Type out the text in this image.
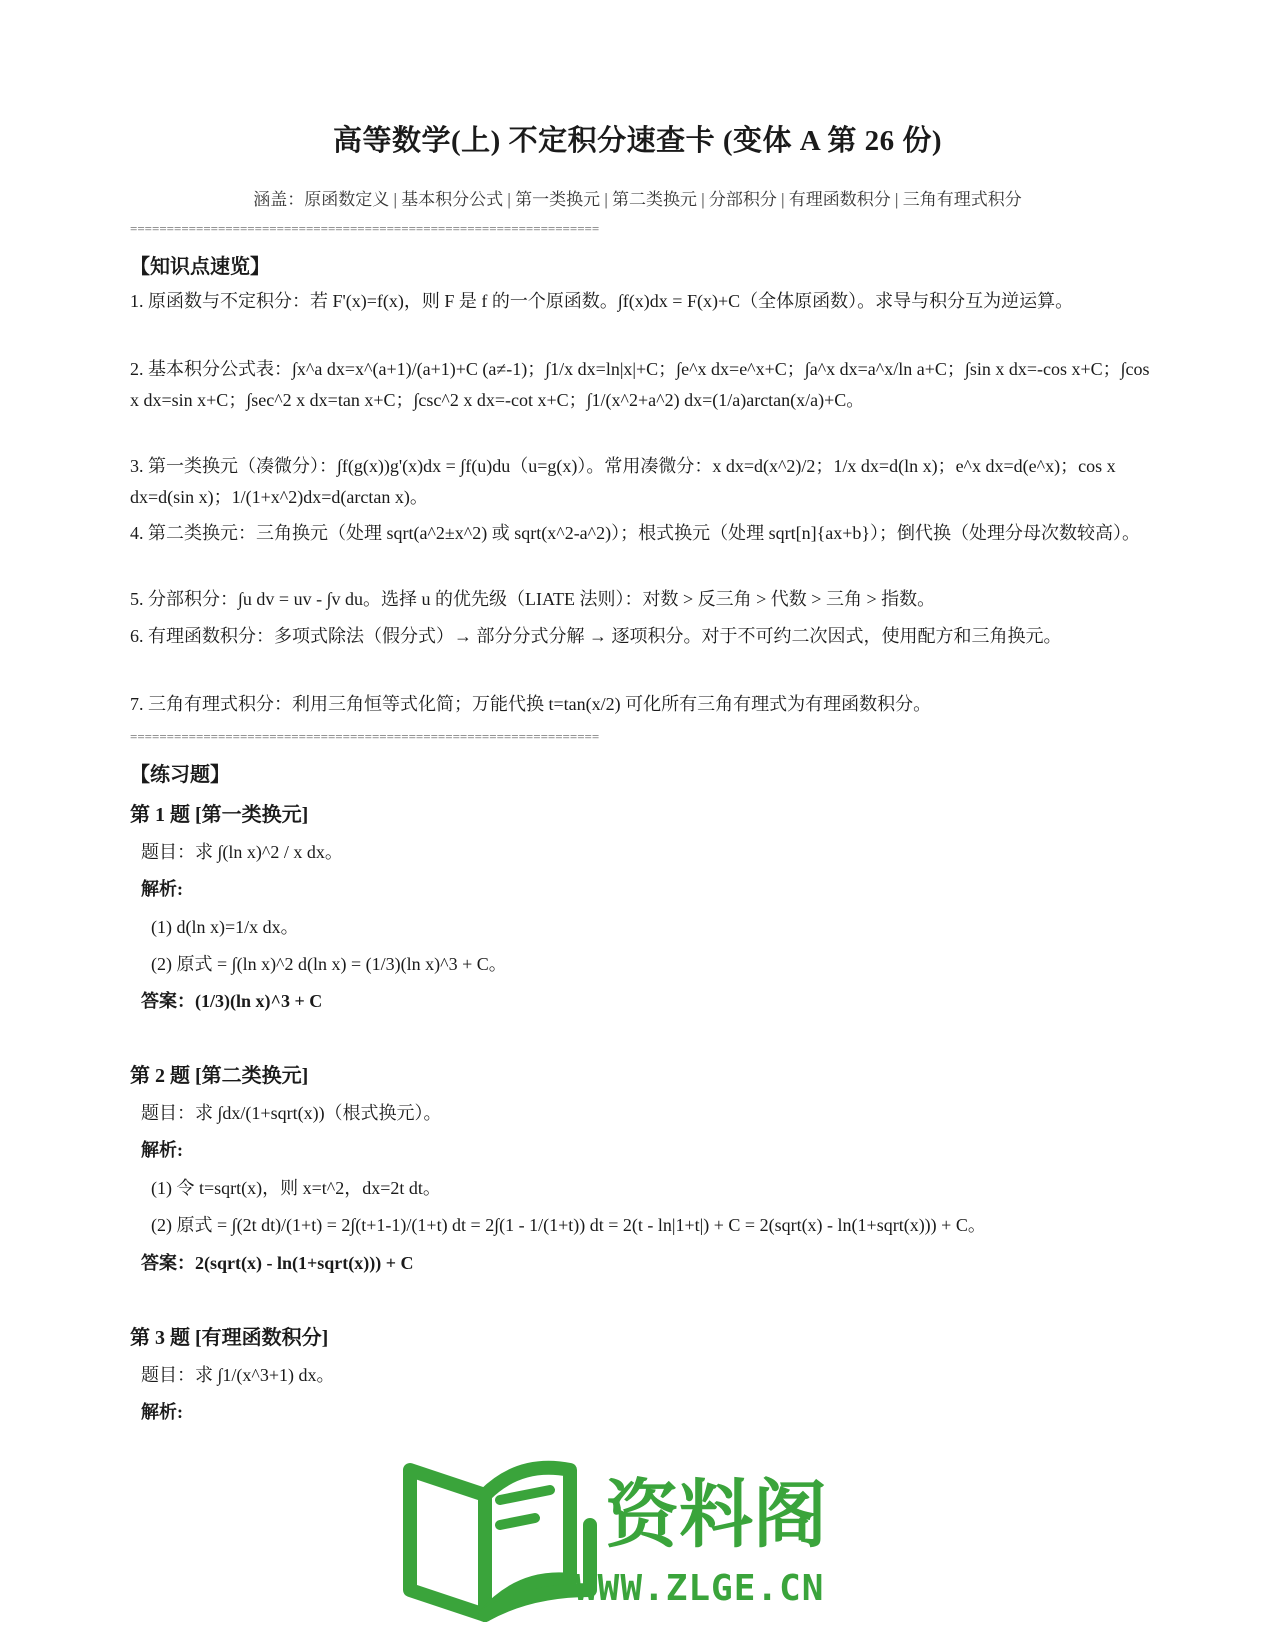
高等数学(上) 不定积分速查卡 (变体 A 第 26 份)
涵盖：原函数定义 | 基本积分公式 | 第一类换元 | 第二类换元 | 分部积分 | 有理函数积分 | 三角有理式积分
================================================================
【知识点速览】
1. 原函数与不定积分：若 F'(x)=f(x)，则 F 是 f 的一个原函数。∫f(x)dx = F(x)+C（全体原函数）。求导与积分互为逆运算。
2. 基本积分公式表：∫x^a dx=x^(a+1)/(a+1)+C (a≠-1)；∫1/x dx=ln|x|+C；∫e^x dx=e^x+C；∫a^x dx=a^x/ln a+C；∫sin x dx=-cos x+C；∫cos x dx=sin x+C；∫sec^2 x dx=tan x+C；∫csc^2 x dx=-cot x+C；∫1/(x^2+a^2) dx=(1/a)arctan(x/a)+C。
3. 第一类换元（凑微分）：∫f(g(x))g'(x)dx = ∫f(u)du（u=g(x)）。常用凑微分：x dx=d(x^2)/2；1/x dx=d(ln x)；e^x dx=d(e^x)；cos x dx=d(sin x)；1/(1+x^2)dx=d(arctan x)。
4. 第二类换元：三角换元（处理 sqrt(a^2±x^2) 或 sqrt(x^2-a^2)）；根式换元（处理 sqrt[n]{ax+b}）；倒代换（处理分母次数较高）。
5. 分部积分：∫u dv = uv - ∫v du。选择 u 的优先级（LIATE 法则）：对数 > 反三角 > 代数 > 三角 > 指数。
6. 有理函数积分：多项式除法（假分式）→ 部分分式分解 → 逐项积分。对于不可约二次因式，使用配方和三角换元。
7. 三角有理式积分：利用三角恒等式化简；万能代换 t=tan(x/2) 可化所有三角有理式为有理函数积分。
================================================================
【练习题】
第 1 题 [第一类换元]
题目：求 ∫(ln x)^2 / x dx。
解析:
(1) d(ln x)=1/x dx。
(2) 原式 = ∫(ln x)^2 d(ln x) = (1/3)(ln x)^3 + C。
答案：(1/3)(ln x)^3 + C
第 2 题 [第二类换元]
题目：求 ∫dx/(1+sqrt(x))（根式换元）。
解析:
(1) 令 t=sqrt(x)，则 x=t^2，dx=2t dt。
(2) 原式 = ∫(2t dt)/(1+t) = 2∫(t+1-1)/(1+t) dt = 2∫(1 - 1/(1+t)) dt = 2(t - ln|1+t|) + C = 2(sqrt(x) - ln(1+sqrt(x))) + C。
答案：2(sqrt(x) - ln(1+sqrt(x))) + C
第 3 题 [有理函数积分]
题目：求 ∫1/(x^3+1) dx。
解析:
资料阁
WWW.ZLGE.CN
